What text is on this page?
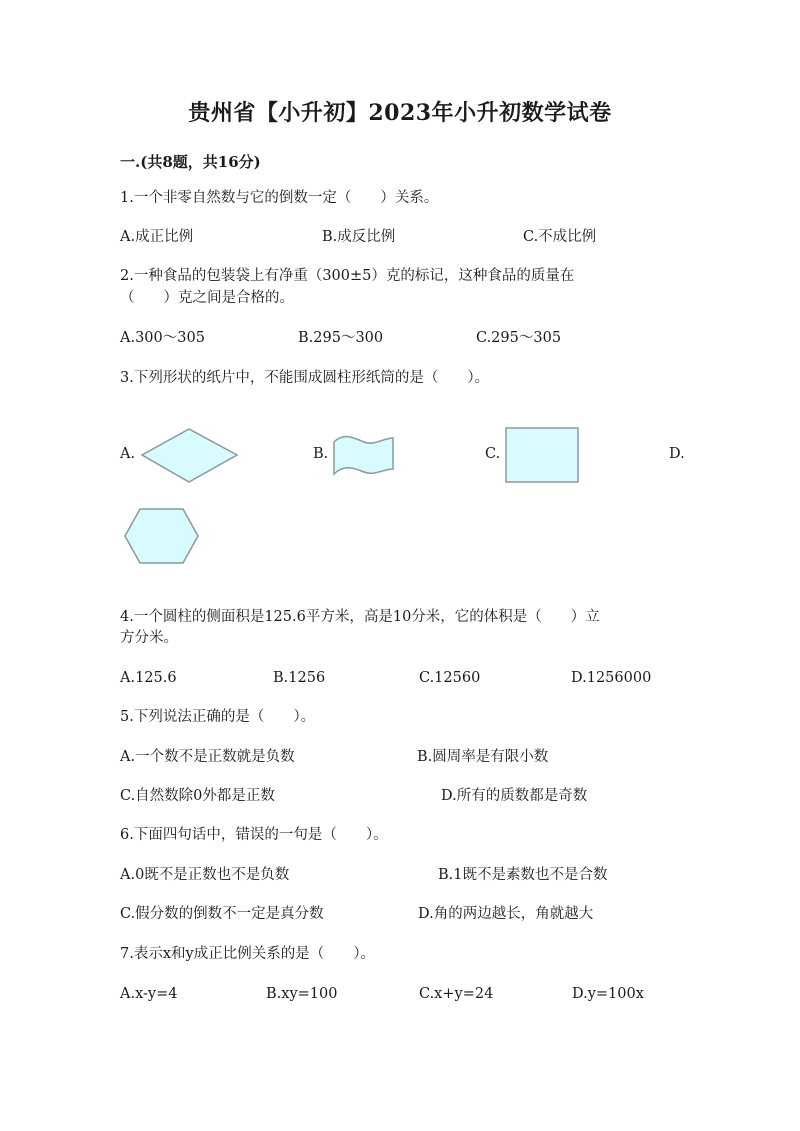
贵州省【小升初】2023年小升初数学试卷
一.(共8题，共16分)
1.一个非零自然数与它的倒数一定（　　）关系。
A.成正比例	B.成反比例	C.不成比例
2.一种食品的包装袋上有净重（300±5）克的标记，这种食品的质量在
（　　）克之间是合格的。
A.300～305	B.295～300	C.295～305
3.下列形状的纸片中，不能围成圆柱形纸筒的是（　　）。
A.	B.	C.	D.
4.一个圆柱的侧面积是125.6平方米，高是10分米，它的体积是（　　）立
方分米。
A.125.6	B.1256	C.12560	D.1256000
5.下列说法正确的是（　　）。
A.一个数不是正数就是负数	B.圆周率是有限小数
C.自然数除0外都是正数	D.所有的质数都是奇数
6.下面四句话中，错误的一句是（　　）。
A.0既不是正数也不是负数	B.1既不是素数也不是合数
C.假分数的倒数不一定是真分数	D.角的两边越长，角就越大
7.表示x和y成正比例关系的是（　　）。
A.x-y=4	B.xy=100	C.x+y=24	D.y=100x
